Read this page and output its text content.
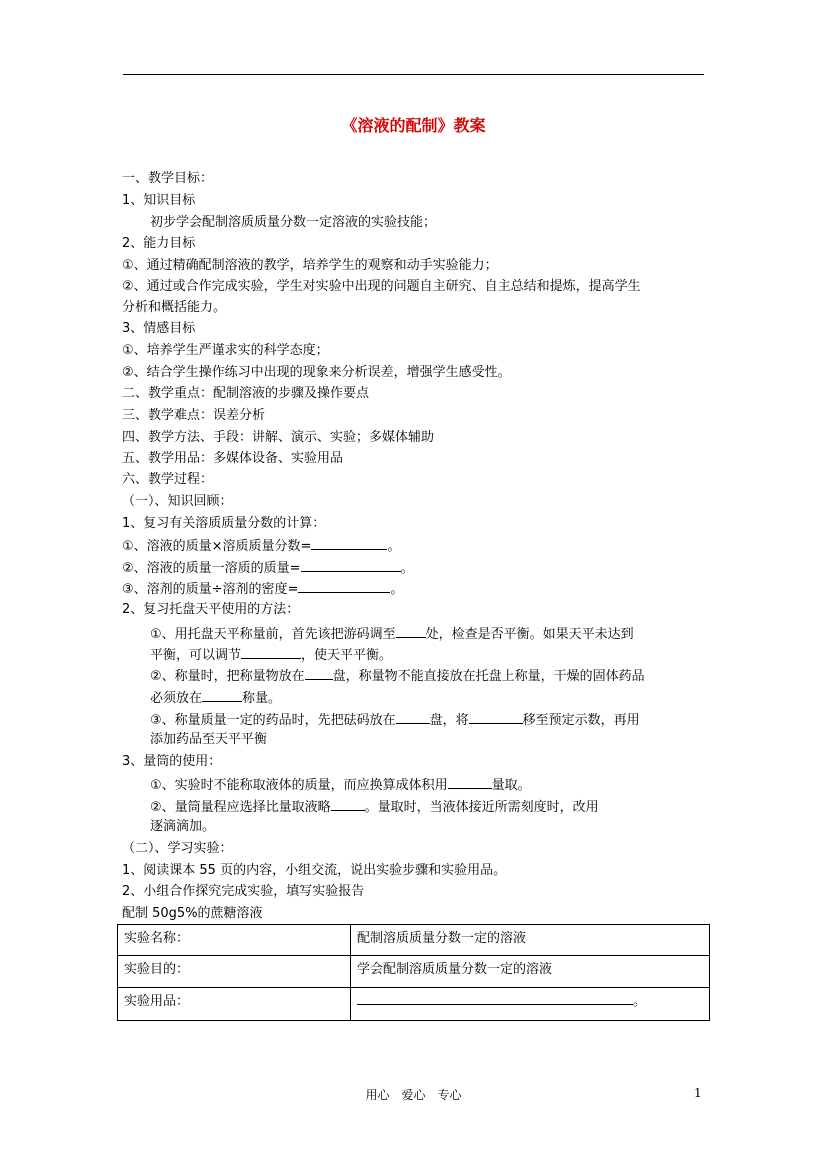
《溶液的配制》教案
一、教学目标：
1、知识目标
初步学会配制溶质质量分数一定溶液的实验技能；
2、能力目标
①、通过精确配制溶液的教学，培养学生的观察和动手实验能力；
②、通过或合作完成实验，学生对实验中出现的问题自主研究、自主总结和提炼，提高学生
分析和概括能力。
3、情感目标
①、培养学生严谨求实的科学态度；
②、结合学生操作练习中出现的现象来分析误差，增强学生感受性。
二、教学重点：配制溶液的步骤及操作要点
三、教学难点：误差分析
四、教学方法、手段：讲解、演示、实验；多媒体辅助
五、教学用品：多媒体设备、实验用品
六、教学过程：
（一）、知识回顾：
1、复习有关溶质质量分数的计算：
①、溶液的质量×溶质质量分数=	。
②、溶液的质量一溶质的质量=	。
③、溶剂的质量÷溶剂的密度=	。
2、复习托盘天平使用的方法：
①、用托盘天平称量前，首先该把游码调至 处，检查是否平衡。如果天平未达到
平衡，可以调节	，使天平平衡。
②、称量时，把称量物放在 盘，称量物不能直接放在托盘上称量，干燥的固体药品
必须放在	称量。
③、称量质量一定的药品时，先把砝码放在	盘，将	移至预定示数，再用
添加药品至天平平衡
3、量筒的使用：
①、实验时不能称取液体的质量，而应换算成体积用	量取。
②、量筒量程应选择比量取液略	。量取时，当液体接近所需刻度时，改用
逐滴滴加。
（二）、学习实验：
1、阅读课本 55 页的内容，小组交流，说出实验步骤和实验用品。
2、小组合作探究完成实验，填写实验报告
配制 50g5%的蔗糖溶液
实验名称：	配制溶质质量分数一定的溶液
实验目的：	学会配制溶质质量分数一定的溶液
实验用品：	。
用心　爱心　专心	1
